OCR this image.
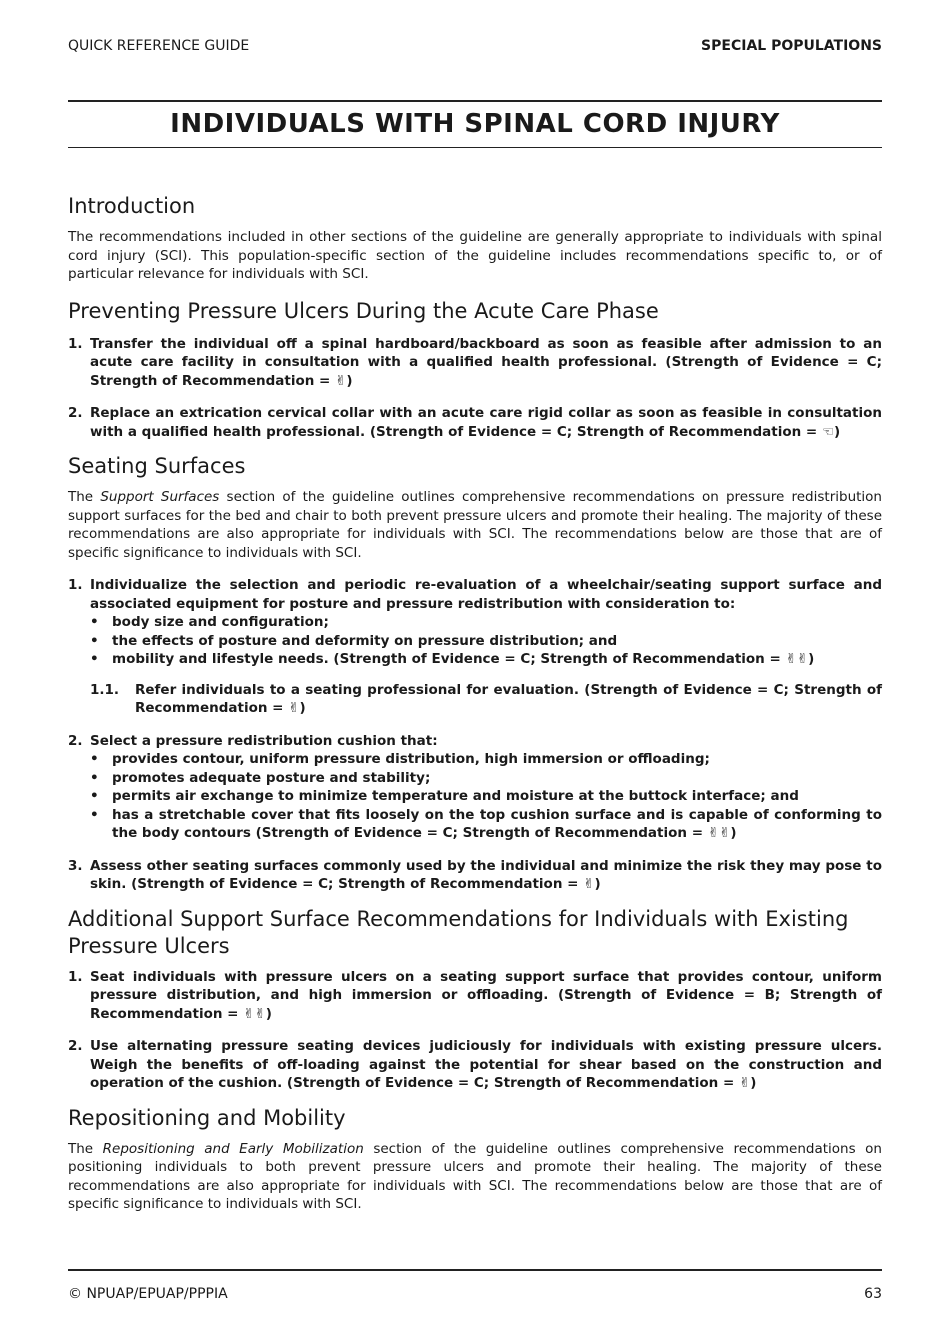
QUICK REFERENCE GUIDE	SPECIAL POPULATIONS
INDIVIDUALS WITH SPINAL CORD INJURY
Introduction

The recommendations included in other sections of the guideline are generally appropriate to individuals with spinal cord injury (SCI). This population-specific section of the guideline includes recommendations specific to, or of particular relevance for individuals with SCI.

Preventing Pressure Ulcers During the Acute Care Phase
1. Transfer the individual off a spinal hardboard/backboard as soon as feasible after admission to an acute care facility in consultation with a qualified health professional. (Strength of Evidence = C; Strength of Recommendation = ✌)
2. Replace an extrication cervical collar with an acute care rigid collar as soon as feasible in consultation with a qualified health professional. (Strength of Evidence = C; Strength of Recommendation = ☜)
Seating Surfaces

The Support Surfaces section of the guideline outlines comprehensive recommendations on pressure redistribution support surfaces for the bed and chair to both prevent pressure ulcers and promote their healing. The majority of these recommendations are also appropriate for individuals with SCI. The recommendations below are those that are of specific significance to individuals with SCI.

1. Individualize the selection and periodic re-evaluation of a wheelchair/seating support surface and associated equipment for posture and pressure redistribution with consideration to:
• body size and configuration;
• the effects of posture and deformity on pressure distribution; and
• mobility and lifestyle needs. (Strength of Evidence = C; Strength of Recommendation = ✌✌)
1.1. Refer individuals to a seating professional for evaluation. (Strength of Evidence = C; Strength of Recommendation = ✌)
2. Select a pressure redistribution cushion that:
• provides contour, uniform pressure distribution, high immersion or offloading;
• promotes adequate posture and stability;
• permits air exchange to minimize temperature and moisture at the buttock interface; and
• has a stretchable cover that fits loosely on the top cushion surface and is capable of conforming to the body contours (Strength of Evidence = C; Strength of Recommendation = ✌✌)
3. Assess other seating surfaces commonly used by the individual and minimize the risk they may pose to skin. (Strength of Evidence = C; Strength of Recommendation = ✌)
Additional Support Surface Recommendations for Individuals with Existing Pressure Ulcers
1. Seat individuals with pressure ulcers on a seating support surface that provides contour, uniform pressure distribution, and high immersion or offloading. (Strength of Evidence = B; Strength of Recommendation = ✌✌)
2. Use alternating pressure seating devices judiciously for individuals with existing pressure ulcers. Weigh the benefits of off-loading against the potential for shear based on the construction and operation of the cushion. (Strength of Evidence = C; Strength of Recommendation = ✌)
Repositioning and Mobility

The Repositioning and Early Mobilization section of the guideline outlines comprehensive recommendations on positioning individuals to both prevent pressure ulcers and promote their healing. The majority of these recommendations are also appropriate for individuals with SCI. The recommendations below are those that are of specific significance to individuals with SCI.

© NPUAP/EPUAP/PPPIA	63
